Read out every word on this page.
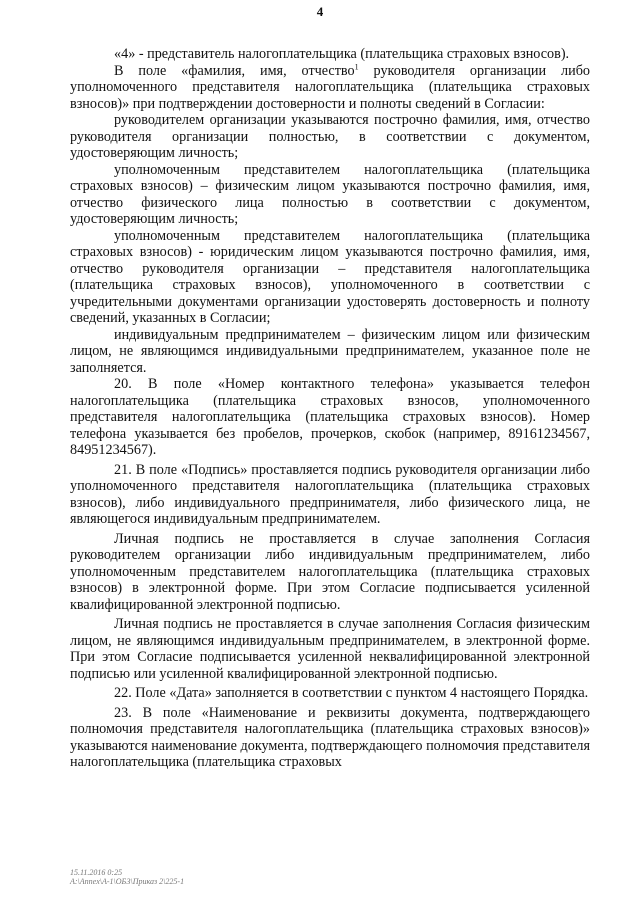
4

«4» - представитель налогоплательщика (плательщика страховых взносов).

В поле «фамилия, имя, отчество$^1$ руководителя организации либо уполномоченного представителя налогоплательщика (плательщика страховых взносов)» при подтверждении достоверности и полноты сведений в Согласии:

руководителем организации указываются построчно фамилия, имя, отчество руководителя организации полностью, в соответствии с документом, удостоверяющим личность;

уполномоченным представителем налогоплательщика (плательщика страховых взносов) – физическим лицом указываются построчно фамилия, имя, отчество физического лица полностью в соответствии с документом, удостоверяющим личность;

уполномоченным представителем налогоплательщика (плательщика страховых взносов) - юридическим лицом указываются построчно фамилия, имя, отчество руководителя организации – представителя налогоплательщика (плательщика страховых взносов), уполномоченного в соответствии с учредительными документами организации удостоверять достоверность и полноту сведений, указанных в Согласии;

индивидуальным предпринимателем – физическим лицом или физическим лицом, не являющимся индивидуальными предпринимателем, указанное поле не заполняется.

20. В поле «Номер контактного телефона» указывается телефон налогоплательщика (плательщика страховых взносов, уполномоченного представителя налогоплательщика (плательщика страховых взносов). Номер телефона указывается без пробелов, прочерков, скобок (например, 89161234567, 84951234567).

21. В поле «Подпись» проставляется подпись руководителя организации либо уполномоченного представителя налогоплательщика (плательщика страховых взносов), либо индивидуального предпринимателя, либо физического лица, не являющегося индивидуальным предпринимателем.

Личная подпись не проставляется в случае заполнения Согласия руководителем организации либо индивидуальным предпринимателем, либо уполномоченным представителем налогоплательщика (плательщика страховых взносов) в электронной форме. При этом Согласие подписывается усиленной квалифицированной электронной подписью.

Личная подпись не проставляется в случае заполнения Согласия физическим лицом, не являющимся индивидуальным предпринимателем, в электронной форме. При этом Согласие подписывается усиленной неквалифицированной электронной подписью или усиленной квалифицированной электронной подписью.

22. Поле «Дата» заполняется в соответствии с пунктом 4 настоящего Порядка.

23. В поле «Наименование и реквизиты документа, подтверждающего полномочия представителя налогоплательщика (плательщика страховых взносов)» указываются наименование документа, подтверждающего полномочия представителя налогоплательщика (плательщика страховых

15.11.2016 0:25
А:\Annex\A-1\ОБЗ\Приказ 2\225-1
